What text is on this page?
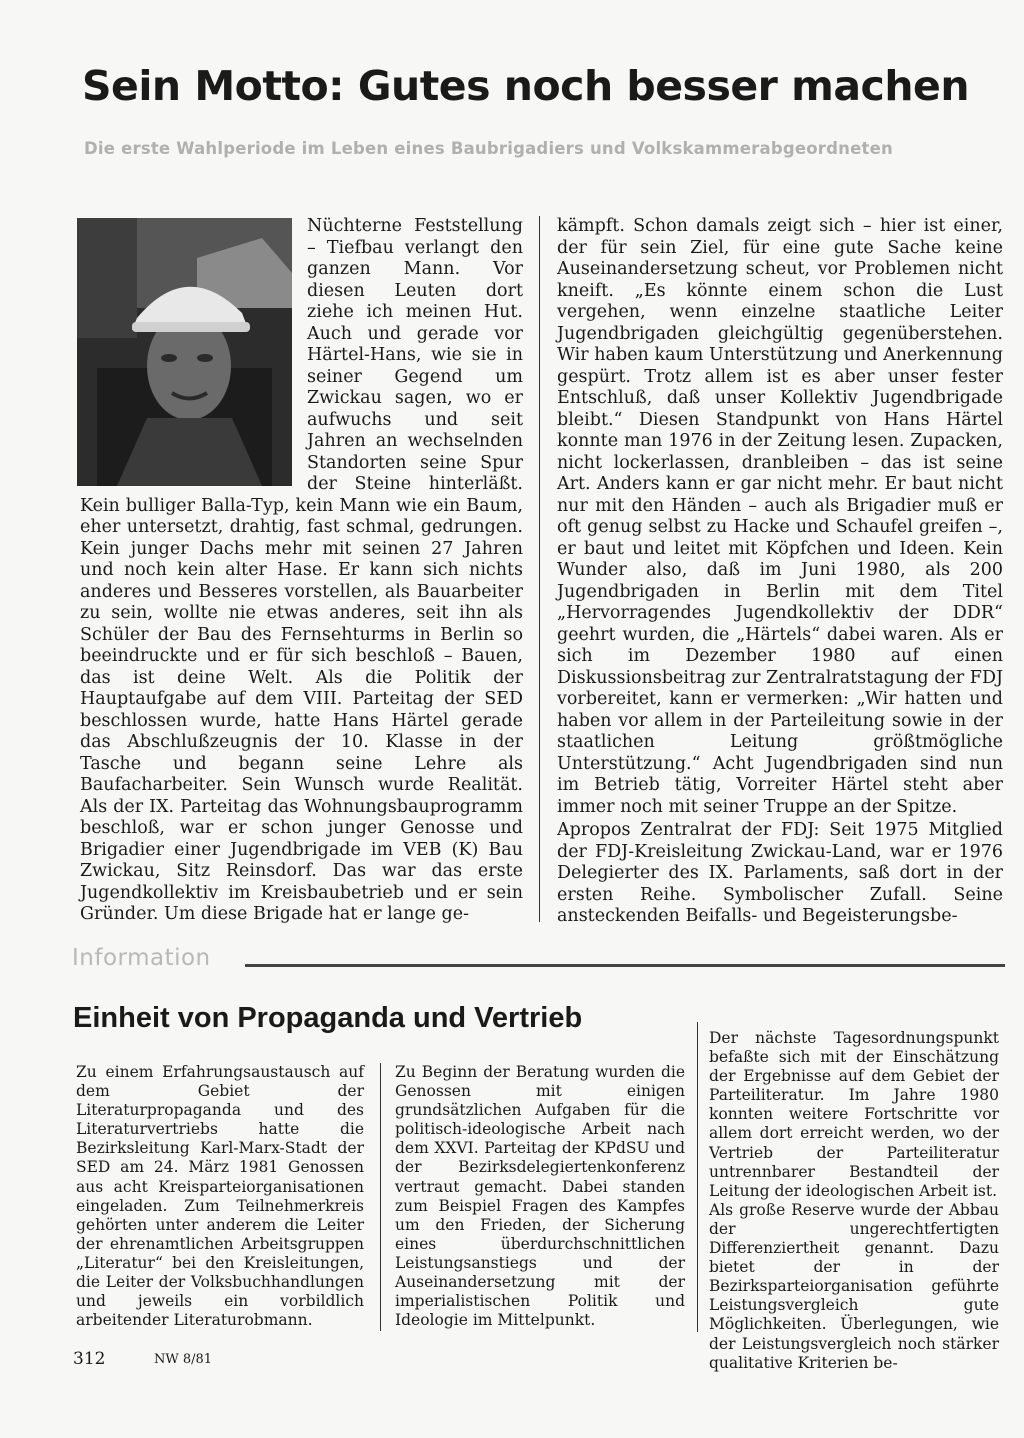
Sein Motto: Gutes noch besser machen

Die erste Wahlperiode im Leben eines Baubrigadiers und Volkskammerabgeordneten

Nüchterne Feststellung – Tiefbau verlangt den ganzen Mann. Vor diesen Leuten dort ziehe ich meinen Hut. Auch und gerade vor Härtel-Hans, wie sie in seiner Gegend um Zwickau sagen, wo er aufwuchs und seit Jahren an wechselnden Standorten seine Spur der Steine hinterläßt. Kein bulliger Balla-Typ, kein Mann wie ein Baum, eher untersetzt, drahtig, fast schmal, gedrungen. Kein junger Dachs mehr mit seinen 27 Jahren und noch kein alter Hase. Er kann sich nichts anderes und Besseres vorstellen, als Bauarbeiter zu sein, wollte nie etwas anderes, seit ihn als Schüler der Bau des Fernsehturms in Berlin so beeindruckte und er für sich beschloß – Bauen, das ist deine Welt. Als die Politik der Hauptaufgabe auf dem VIII. Parteitag der SED beschlossen wurde, hatte Hans Härtel gerade das Abschlußzeugnis der 10. Klasse in der Tasche und begann seine Lehre als Baufacharbeiter. Sein Wunsch wurde Realität. Als der IX. Parteitag das Wohnungsbauprogramm beschloß, war er schon junger Genosse und Brigadier einer Jugendbrigade im VEB (K) Bau Zwickau, Sitz Reinsdorf. Das war das erste Jugendkollektiv im Kreisbaubetrieb und er sein Gründer. Um diese Brigade hat er lange ge-

kämpft. Schon damals zeigt sich – hier ist einer, der für sein Ziel, für eine gute Sache keine Auseinandersetzung scheut, vor Problemen nicht kneift. „Es könnte einem schon die Lust vergehen, wenn einzelne staatliche Leiter Jugendbrigaden gleichgültig gegenüberstehen. Wir haben kaum Unterstützung und Anerkennung gespürt. Trotz allem ist es aber unser fester Entschluß, daß unser Kollektiv Jugendbrigade bleibt.“ Diesen Standpunkt von Hans Härtel konnte man 1976 in der Zeitung lesen. Zupacken, nicht lockerlassen, dranbleiben – das ist seine Art. Anders kann er gar nicht mehr. Er baut nicht nur mit den Händen – auch als Brigadier muß er oft genug selbst zu Hacke und Schaufel greifen –, er baut und leitet mit Köpfchen und Ideen. Kein Wunder also, daß im Juni 1980, als 200 Jugendbrigaden in Berlin mit dem Titel „Hervorragendes Jugendkollektiv der DDR“ geehrt wurden, die „Härtels“ dabei waren. Als er sich im Dezember 1980 auf einen Diskussionsbeitrag zur Zentralratstagung der FDJ vorbereitet, kann er vermerken: „Wir hatten und haben vor allem in der Parteileitung sowie in der staatlichen Leitung größtmögliche Unterstützung.“ Acht Jugendbrigaden sind nun im Betrieb tätig, Vorreiter Härtel steht aber immer noch mit seiner Truppe an der Spitze.

Apropos Zentralrat der FDJ: Seit 1975 Mitglied der FDJ-Kreisleitung Zwickau-Land, war er 1976 Delegierter des IX. Parlaments, saß dort in der ersten Reihe. Symbolischer Zufall. Seine ansteckenden Beifalls- und Begeisterungsbe-

Information

Einheit von Propaganda und Vertrieb

Zu einem Erfahrungsaustausch auf dem Gebiet der Literaturpropaganda und des Literaturvertriebs hatte die Bezirksleitung Karl-Marx-Stadt der SED am 24. März 1981 Genossen aus acht Kreisparteiorganisationen eingeladen. Zum Teilnehmerkreis gehörten unter anderem die Leiter der ehrenamtlichen Arbeitsgruppen „Literatur“ bei den Kreisleitungen, die Leiter der Volksbuchhandlungen und jeweils ein vorbildlich arbeitender Literaturobmann.

Zu Beginn der Beratung wurden die Genossen mit einigen grundsätzlichen Aufgaben für die politisch-ideologische Arbeit nach dem XXVI. Parteitag der KPdSU und der Bezirksdelegiertenkonferenz vertraut gemacht. Dabei standen zum Beispiel Fragen des Kampfes um den Frieden, der Sicherung eines überdurchschnittlichen Leistungsanstiegs und der Auseinandersetzung mit der imperialistischen Politik und Ideologie im Mittelpunkt.

Der nächste Tagesordnungspunkt befaßte sich mit der Einschätzung der Ergebnisse auf dem Gebiet der Parteiliteratur. Im Jahre 1980 konnten weitere Fortschritte vor allem dort erreicht werden, wo der Vertrieb der Parteiliteratur untrennbarer Bestandteil der Leitung der ideologischen Arbeit ist.

Als große Reserve wurde der Abbau der ungerechtfertigten Differenziertheit genannt. Dazu bietet der in der Bezirksparteiorganisation geführte Leistungsvergleich gute Möglichkeiten. Überlegungen, wie der Leistungsvergleich noch stärker qualitative Kriterien be-

312	NW 8/81
